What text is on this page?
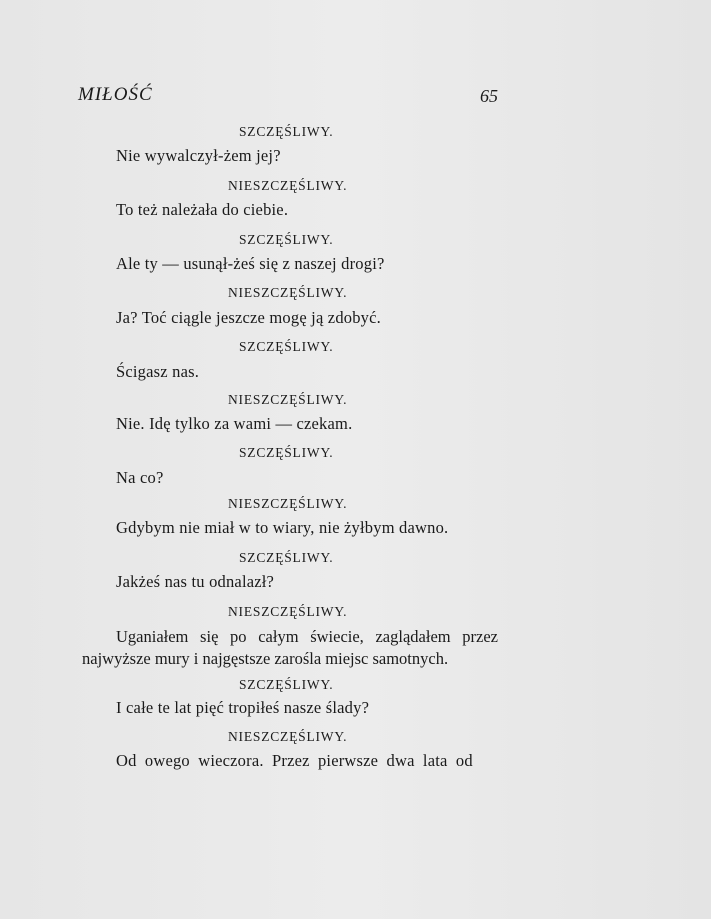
MIŁOŚĆ	65
SZCZĘŚLIWY.
Nie wywalczył-żem jej?
NIESZCZĘŚLIWY.
To też należała do ciebie.
SZCZĘŚLIWY.
Ale ty — usunął-żeś się z naszej drogi?
NIESZCZĘŚLIWY.
Ja? Toć ciągle jeszcze mogę ją zdobyć.
SZCZĘŚLIWY.
Ścigasz nas.
NIESZCZĘŚLIWY.
Nie. Idę tylko za wami — czekam.
SZCZĘŚLIWY.
Na co?
NIESZCZĘŚLIWY.
Gdybym nie miał w to wiary, nie żyłbym dawno.
SZCZĘŚLIWY.
Jakżeś nas tu odnalazł?
NIESZCZĘŚLIWY.
Uganiałem się po całym świecie, zaglądałem przez najwyższe mury i najgęstsze zarośla miejsc samotnych.
SZCZĘŚLIWY.
I całe te lat pięć tropiłeś nasze ślady?
NIESZCZĘŚLIWY.
Od owego wieczora. Przez pierwsze dwa lata od
